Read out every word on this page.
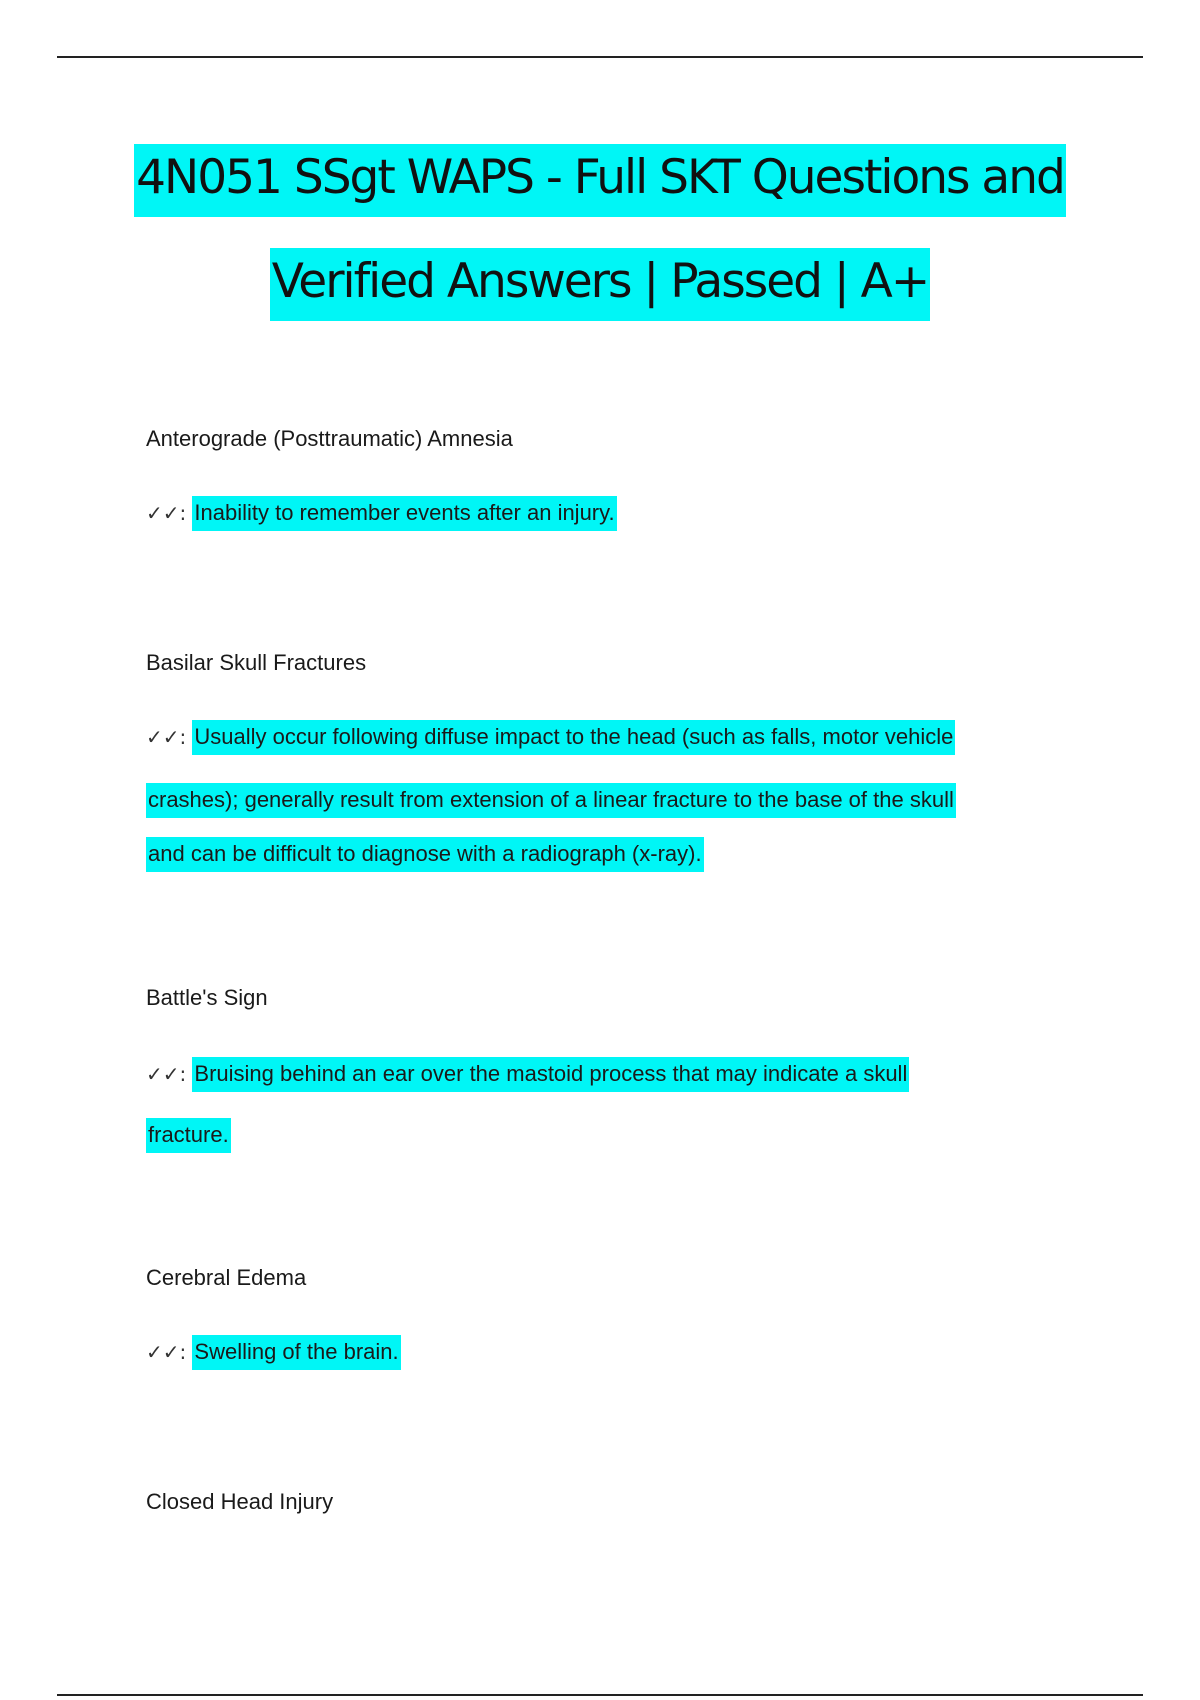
4N051 SSgt WAPS - Full SKT Questions and
Verified Answers | Passed | A+
Anterograde (Posttraumatic) Amnesia
✓✓: Inability to remember events after an injury.
Basilar Skull Fractures
✓✓: Usually occur following diffuse impact to the head (such as falls, motor vehicle
crashes); generally result from extension of a linear fracture to the base of the skull
and can be difficult to diagnose with a radiograph (x-ray).
Battle's Sign
✓✓: Bruising behind an ear over the mastoid process that may indicate a skull
fracture.
Cerebral Edema
✓✓: Swelling of the brain.
Closed Head Injury
